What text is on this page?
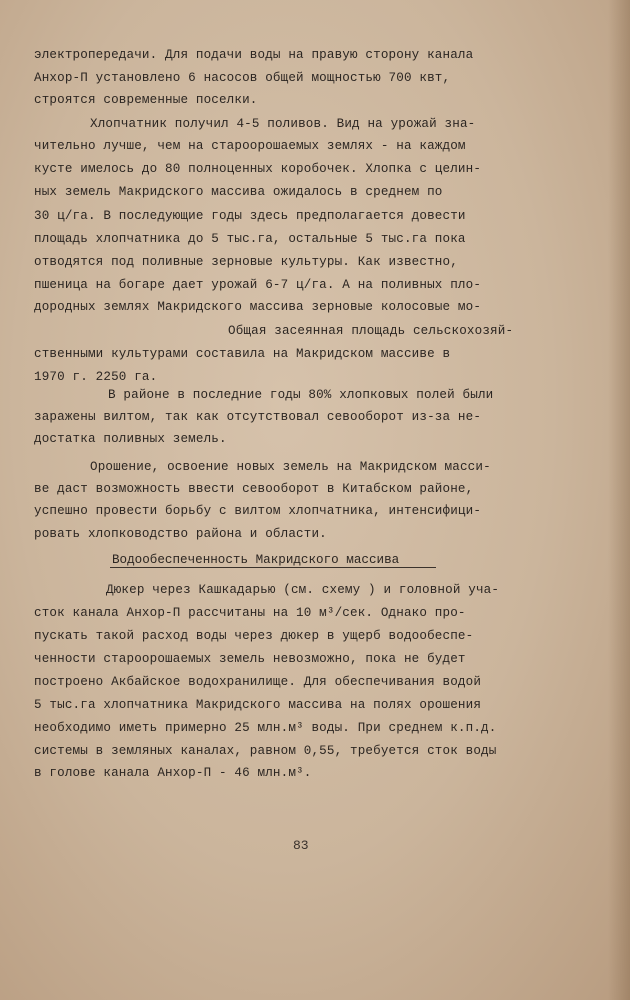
электропередачи. Для подачи воды на правую сторону канала
Анхор-П установлено 6 насосов общей мощностью 700 квт,
строятся современные поселки.
Хлопчатник получил 4-5 поливов. Вид на урожай зна-
чительно лучше, чем на староорошаемых землях - на каждом
кусте имелось до 80 полноценных коробочек. Хлопка с целин-
ных земель Макридского массива ожидалось в среднем по
30 ц/га. В последующие годы здесь предполагается довести
площадь хлопчатника до 5 тыс.га, остальные 5 тыс.га пока
отводятся под поливные зерновые культуры. Как известно,
пшеница на богаре дает урожай 6-7 ц/га. А на поливных пло-
дородных землях Макридского массива зерновые колосовые мо-
Общая засеянная площадь сельскохозяй-
ственными культурами составила на Макридском массиве в
1970 г. 2250 га.
В районе в последние годы 80% хлопковых полей были
заражены вилтом, так как отсутствовал севооборот из-за не-
достатка поливных земель.
Орошение, освоение новых земель на Макридском масси-
ве даст возможность ввести севооборот в Китабском районе,
успешно провести борьбу с вилтом хлопчатника, интенсифици-
ровать хлопководство района и области.
Водообеспеченность Макридского массива
Дюкер через Кашкадарью (см. схему ) и головной уча-
сток канала Анхор-П рассчитаны на 10 м³/сек. Однако про-
пускать такой расход воды через дюкер в ущерб водообеспе-
ченности староорошаемых земель невозможно, пока не будет
построено Акбайское водохранилище. Для обеспечивания водой
5 тыс.га хлопчатника Макридского массива на полях орошения
необходимо иметь примерно 25 млн.м³ воды. При среднем к.п.д.
системы в земляных каналах, равном 0,55, требуется сток воды
в голове канала Анхор-П - 46 млн.м³.
83
